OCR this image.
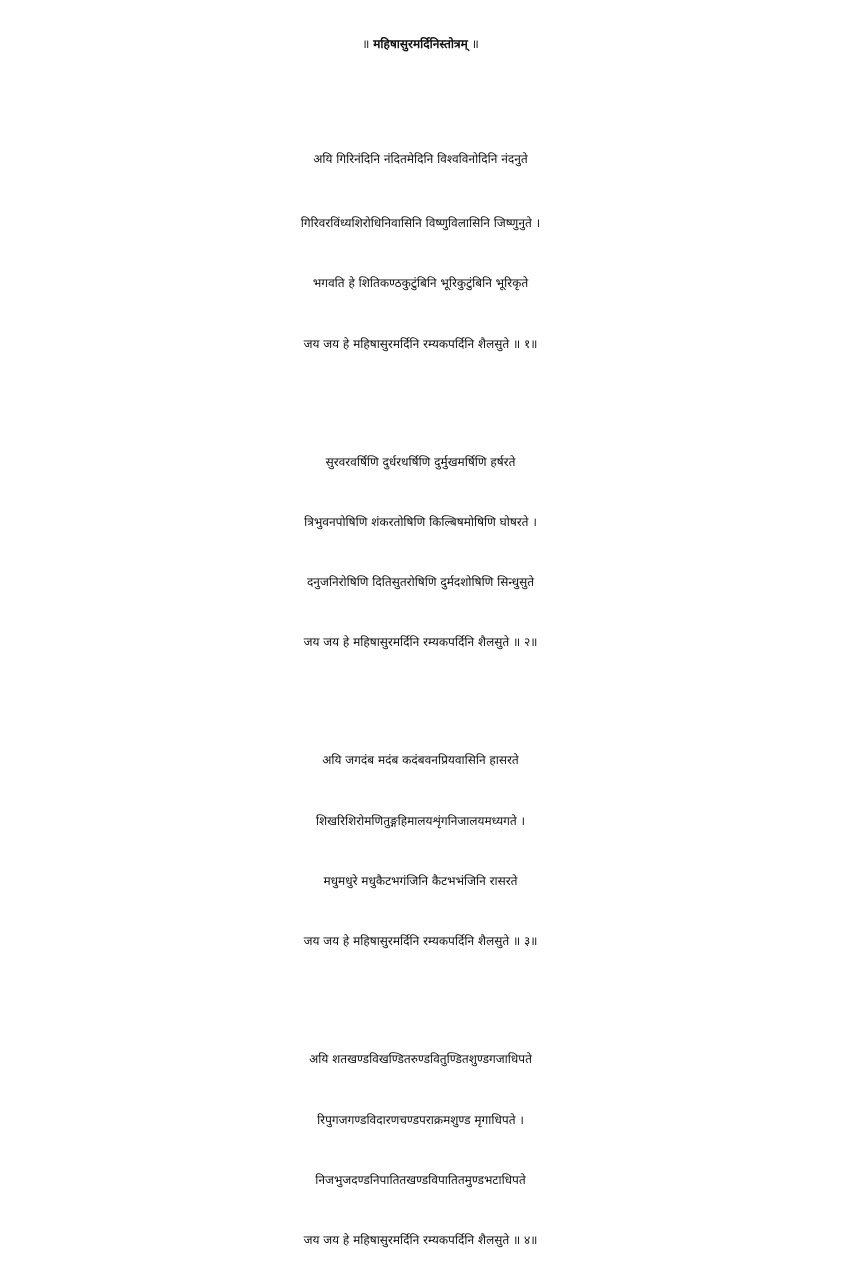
॥ महिषासुरमर्दिनिस्तोत्रम् ॥
अयि गिरिनंदिनि नंदितमेदिनि विश्वविनोदिनि नंदनुते
गिरिवरविंध्यशिरोधिनिवासिनि विष्णुविलासिनि जिष्णुनुते ।
भगवति हे शितिकण्ठकुटुंबिनि भूरिकुटुंबिनि भूरिकृते
जय जय हे महिषासुरमर्दिनि रम्यकपर्दिनि शैलसुते ॥ १॥
सुरवरवर्षिणि दुर्धरधर्षिणि दुर्मुखमर्षिणि हर्षरते
त्रिभुवनपोषिणि शंकरतोषिणि किल्बिषमोषिणि घोषरते ।
दनुजनिरोषिणि दितिसुतरोषिणि दुर्मदशोषिणि सिन्धुसुते
जय जय हे महिषासुरमर्दिनि रम्यकपर्दिनि शैलसुते ॥ २॥
अयि जगदंब मदंब कदंबवनप्रियवासिनि हासरते
शिखरिशिरोमणितुङ्गहिमालयशृंगनिजालयमध्यगते ।
मधुमधुरे मधुकैटभगंजिनि कैटभभंजिनि रासरते
जय जय हे महिषासुरमर्दिनि रम्यकपर्दिनि शैलसुते ॥ ३॥
अयि शतखण्डविखण्डितरुण्डवितुण्डितशुण्डगजाधिपते
रिपुगजगण्डविदारणचण्डपराक्रमशुण्ड मृगाधिपते ।
निजभुजदण्डनिपातितखण्डविपातितमुण्डभटाधिपते
जय जय हे महिषासुरमर्दिनि रम्यकपर्दिनि शैलसुते ॥ ४॥
